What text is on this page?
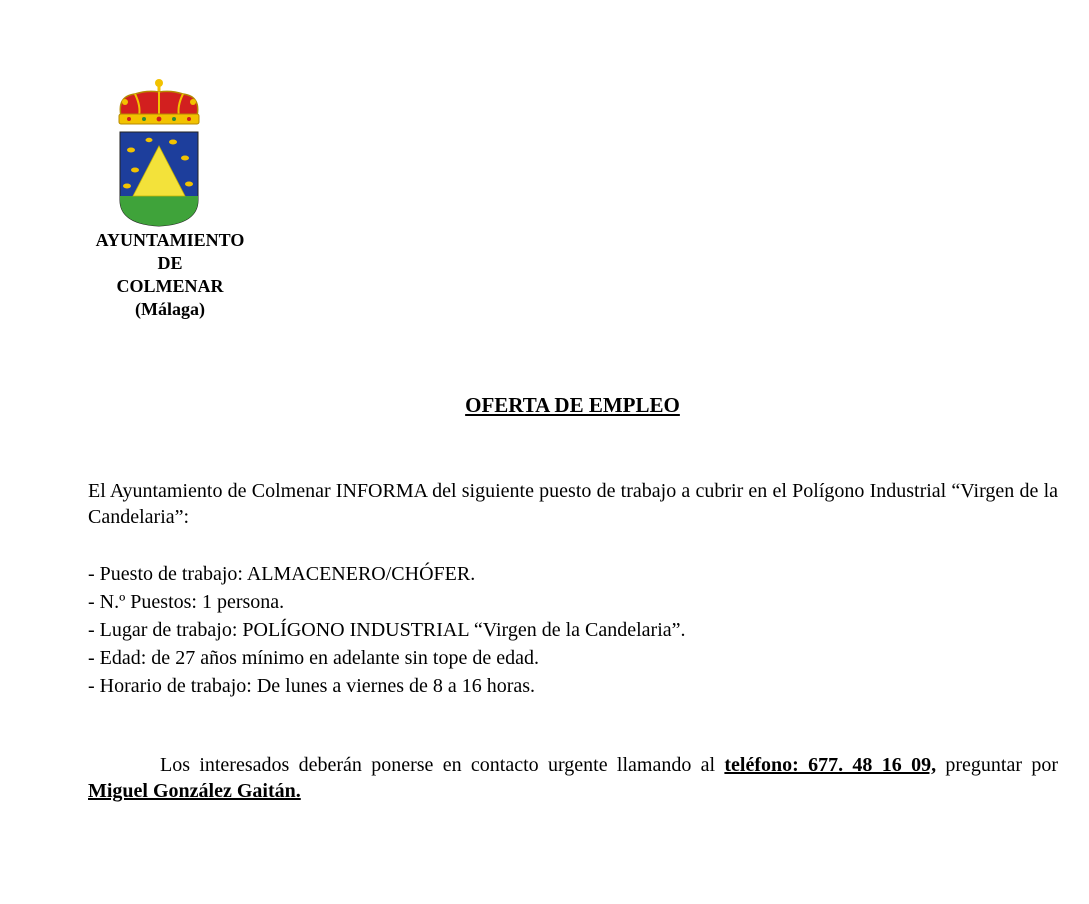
AYUNTAMIENTO
DE
COLMENAR
(Málaga)
OFERTA DE EMPLEO
El Ayuntamiento de Colmenar INFORMA del siguiente puesto de trabajo a cubrir en el Polígono Industrial “Virgen de la Candelaria”:
- Puesto de trabajo: ALMACENERO/CHÓFER.
- N.º Puestos: 1 persona.
- Lugar de trabajo: POLÍGONO INDUSTRIAL “Virgen de la Candelaria”.
- Edad: de 27 años mínimo en adelante sin tope de edad.
- Horario de trabajo: De lunes a viernes de 8 a 16 horas.
Los interesados deberán ponerse en contacto urgente llamando al teléfono: 677. 48 16 09, preguntar por Miguel González Gaitán.
